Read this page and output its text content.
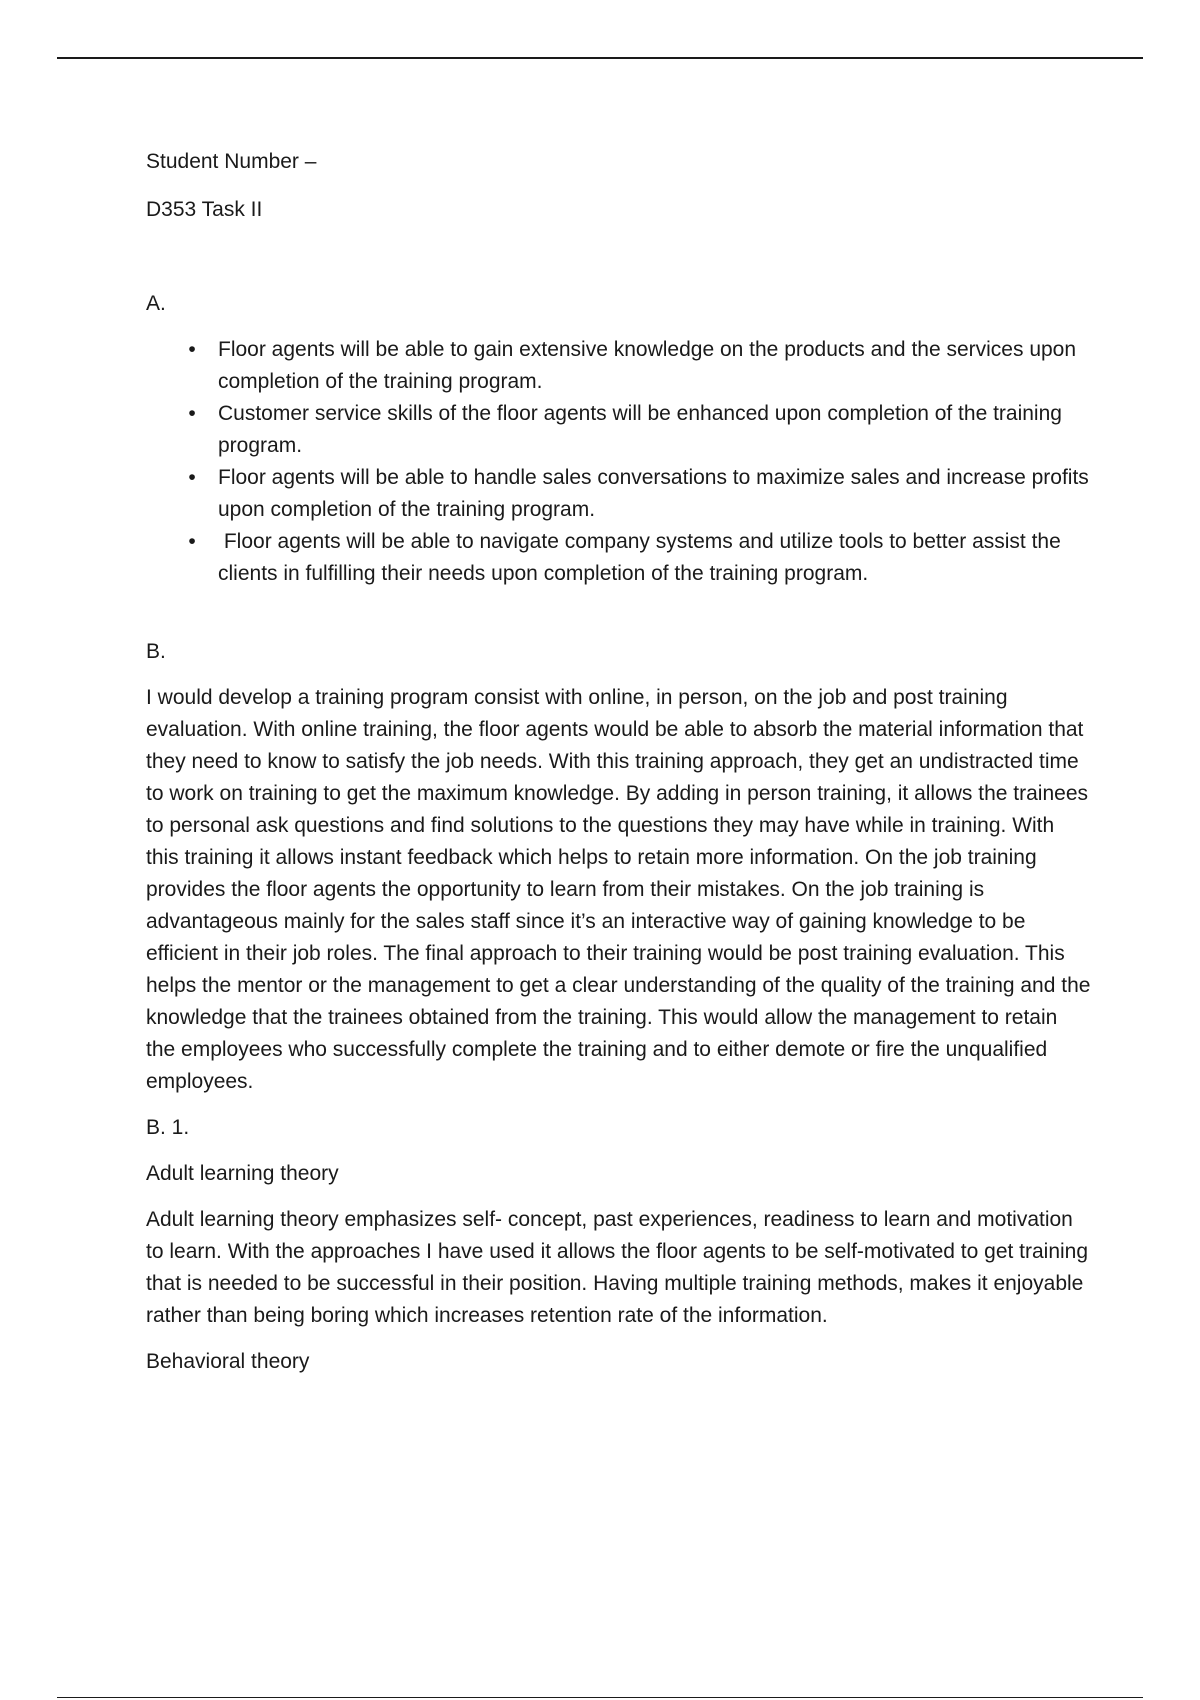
Student Number –

D353 Task II

A.

•	Floor agents will be able to gain extensive knowledge on the products and the services upon completion of the training program.
•	Customer service skills of the floor agents will be enhanced upon completion of the training program.
•	Floor agents will be able to handle sales conversations to maximize sales and increase profits upon completion of the training program.
•	Floor agents will be able to navigate company systems and utilize tools to better assist the clients in fulfilling their needs upon completion of the training program.

B.

I would develop a training program consist with online, in person, on the job and post training evaluation. With online training, the floor agents would be able to absorb the material information that they need to know to satisfy the job needs. With this training approach, they get an undistracted time to work on training to get the maximum knowledge. By adding in person training, it allows the trainees to personal ask questions and find solutions to the questions they may have while in training. With this training it allows instant feedback which helps to retain more information. On the job training provides the floor agents the opportunity to learn from their mistakes. On the job training is advantageous mainly for the sales staff since it’s an interactive way of gaining knowledge to be efficient in their job roles. The final approach to their training would be post training evaluation. This helps the mentor or the management to get a clear understanding of the quality of the training and the knowledge that the trainees obtained from the training. This would allow the management to retain the employees who successfully complete the training and to either demote or fire the unqualified employees.

B. 1.

Adult learning theory

Adult learning theory emphasizes self- concept, past experiences, readiness to learn and motivation to learn. With the approaches I have used it allows the floor agents to be self-motivated to get training that is needed to be successful in their position. Having multiple training methods, makes it enjoyable rather than being boring which increases retention rate of the information.

Behavioral theory
